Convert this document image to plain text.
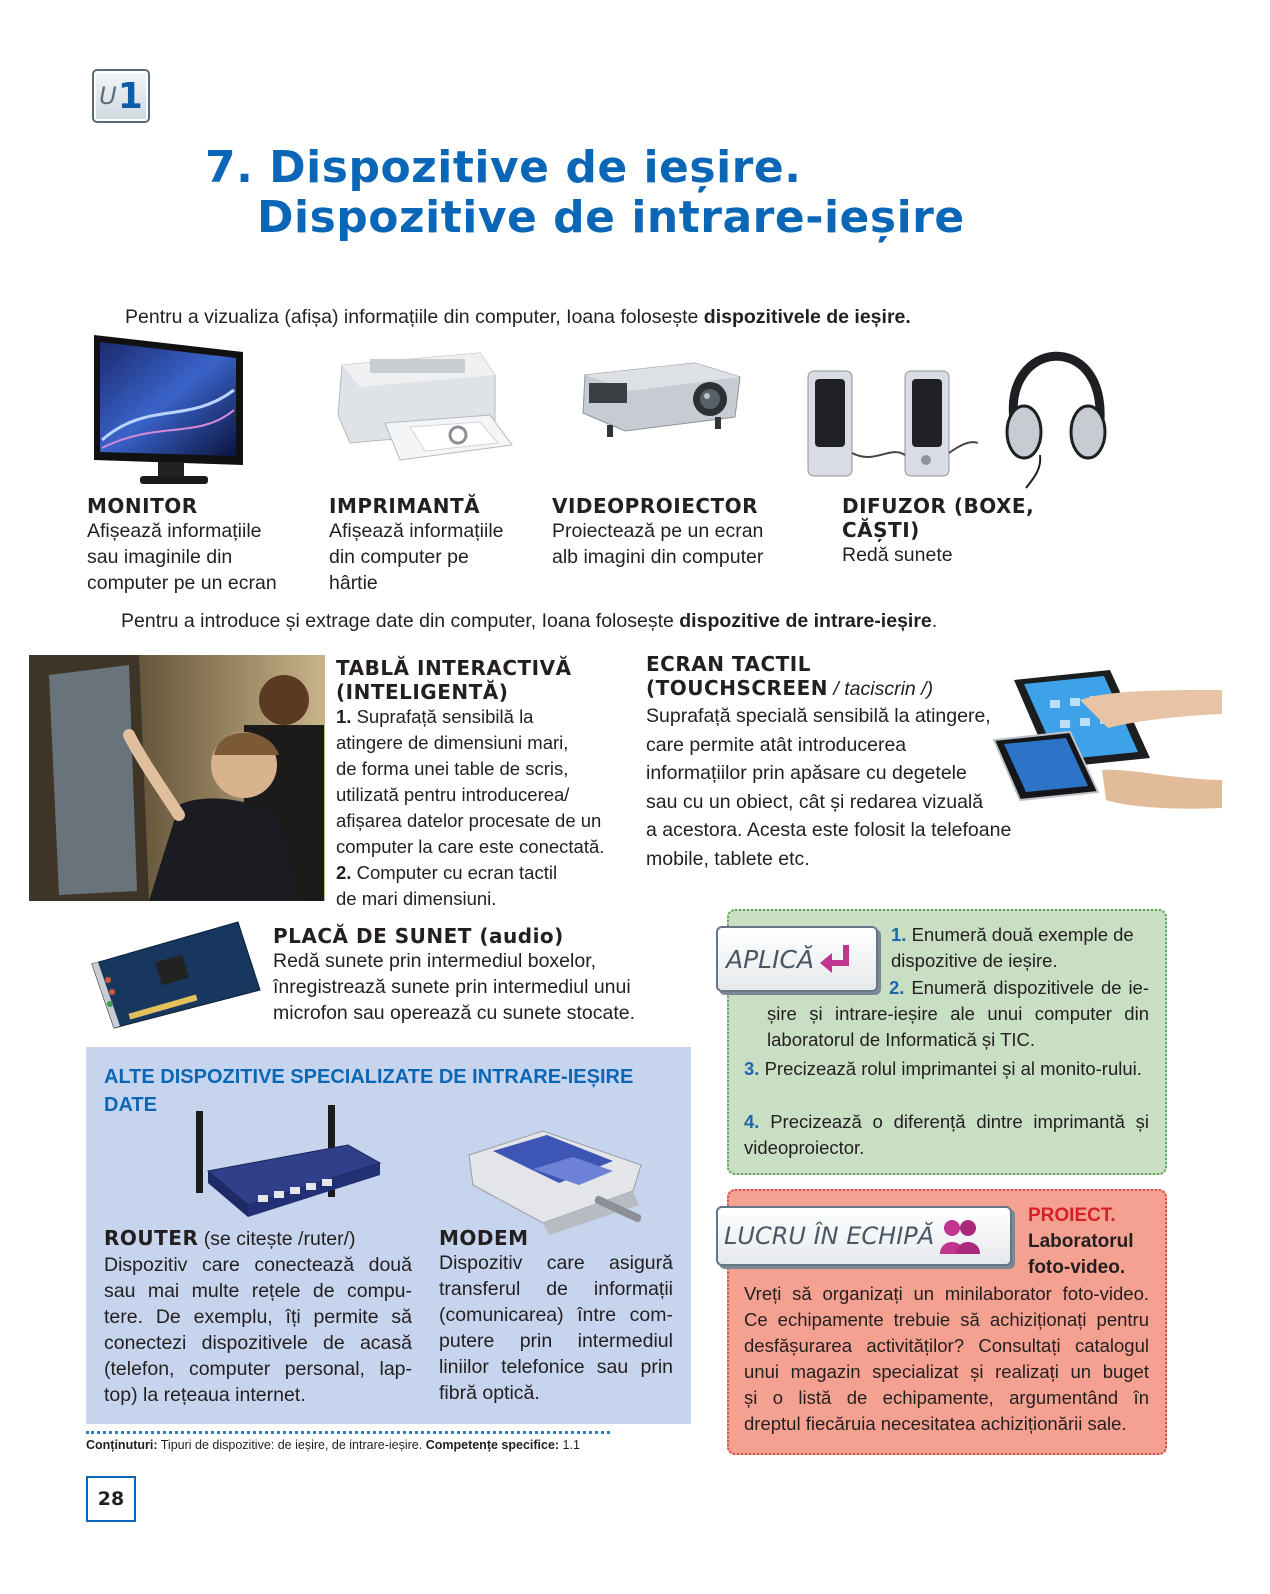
U 1
7. Dispozitive de ieșire.
Dispozitive de intrare-ieșire
Pentru a vizualiza (afișa) informațiile din computer, Ioana folosește dispozitivele de ieșire.
MONITOR
Afișează informațiile
sau imaginile din
computer pe un ecran
IMPRIMANTĂ
Afișează informațiile
din computer pe
hârtie
VIDEOPROIECTOR
Proiectează pe un ecran
alb imagini din computer
DIFUZOR (BOXE, CĂȘTI)
Redă sunete
Pentru a introduce și extrage date din computer, Ioana folosește dispozitive de intrare-ieșire.
TABLĂ INTERACTIVĂ
(INTELIGENTĂ)
1. Suprafață sensibilă la
atingere de dimensiuni mari,
de forma unei table de scris,
utilizată pentru introducerea/
afișarea datelor procesate de un
computer la care este conectată.
2. Computer cu ecran tactil
de mari dimensiuni.
ECRAN TACTIL
(TOUCHSCREEN / taciscrin /)
Suprafață specială sensibilă la atingere,
care permite atât introducerea
informațiilor prin apăsare cu degetele
sau cu un obiect, cât și redarea vizuală
a acestora. Acesta este folosit la telefoane
mobile, tablete etc.
PLACĂ DE SUNET (audio)
Redă sunete prin intermediul boxelor,
înregistrează sunete prin intermediul unui
microfon sau operează cu sunete stocate.
ALTE DISPOZITIVE SPECIALIZATE DE INTRARE-IEȘIRE
DATE
ROUTER (se citește /ruter/)
Dispozitiv care conectează două
sau mai multe rețele de compu-
tere. De exemplu, îți permite să
conectezi dispozitivele de acasă
(telefon, computer personal, lap-
top) la rețeaua internet.
MODEM
Dispozitiv care asigură
transferul de informații
(comunicarea) între com-
putere prin intermediul
liniilor telefonice sau prin
fibră optică.
APLICĂ
1. Enumeră două exemple de dispozitive de ieșire.
2. Enumeră dispozitivele de ie-șire și intrare-ieșire ale unui computer din laboratorul de Informatică și TIC.
3. Precizează rolul imprimantei și al monito-rului.
4. Precizează o diferență dintre imprimantă și videoproiector.
LUCRU ÎN ECHIPĂ
PROIECT.
Laboratorul
foto-video.
Vreți să organizați un minilaborator foto-video.
Ce echipamente trebuie să achiziționați pentru
desfășurarea activităților? Consultați catalogul
unui magazin specializat și realizați un buget
și o listă de echipamente, argumentând în
dreptul fiecăruia necesitatea achiziționării sale.
Conținuturi: Tipuri de dispozitive: de ieșire, de intrare-ieșire. Competențe specifice: 1.1
28
